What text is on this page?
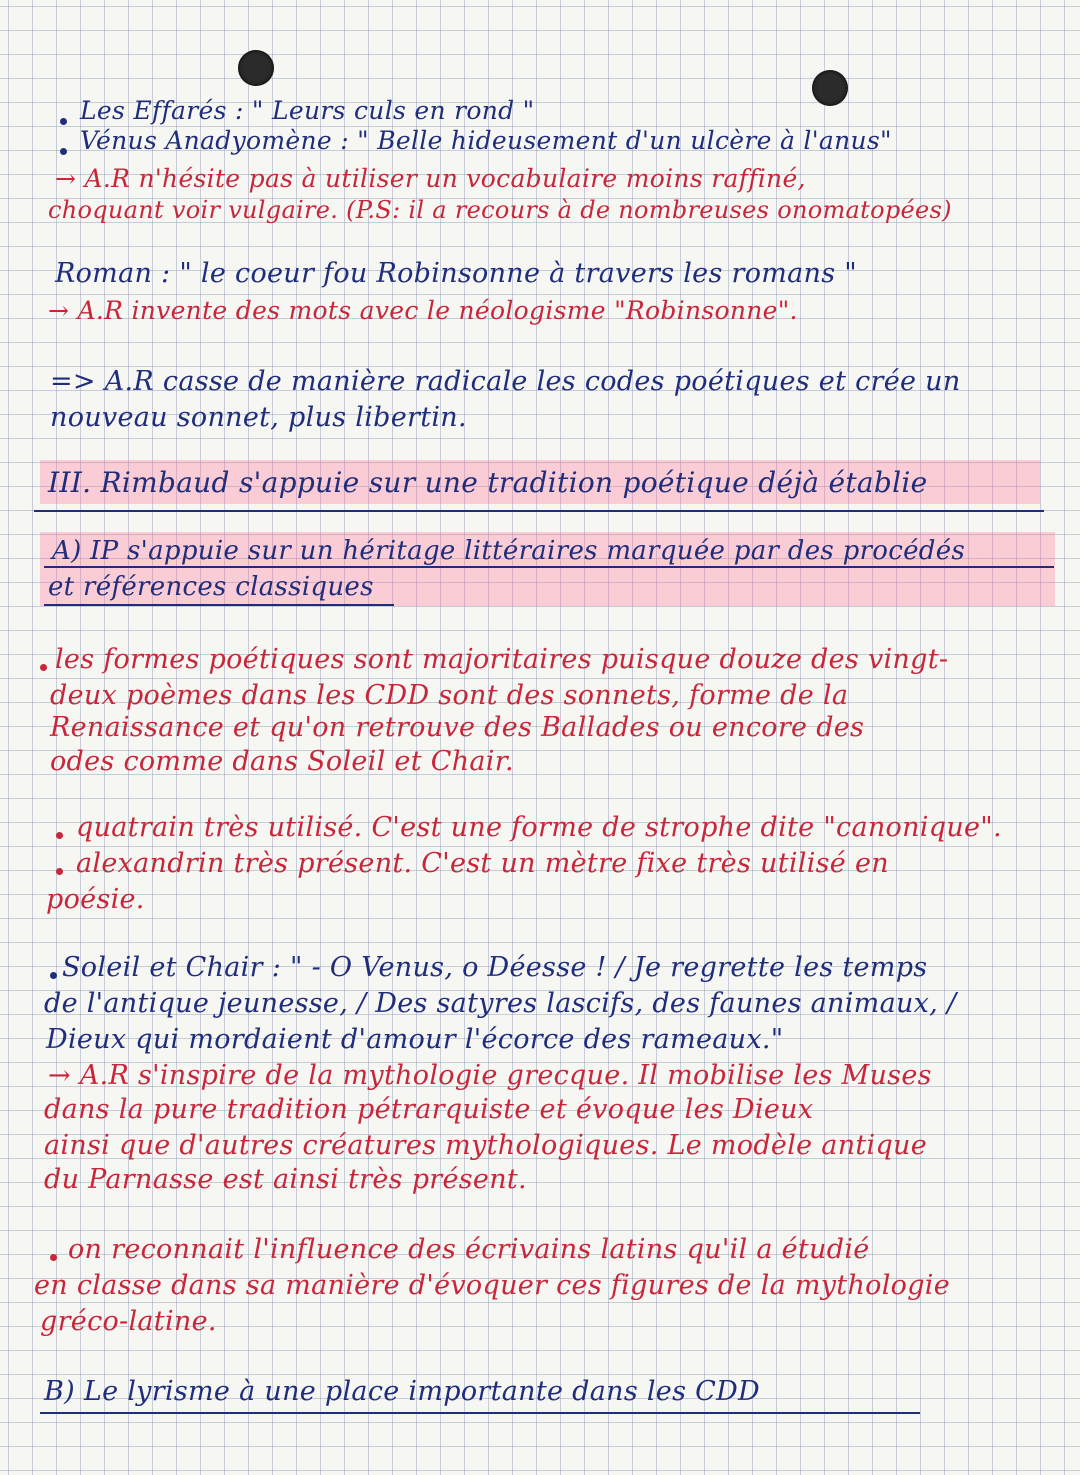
Les Effarés : " Leurs culs en rond "
Vénus Anadyomène : " Belle hideusement d'un ulcère à l'anus"
→ A.R n'hésite pas à utiliser un vocabulaire moins raffiné,
choquant voir vulgaire. (P.S: il a recours à de nombreuses onomatopées)
Roman : " le coeur fou Robinsonne à travers les romans "
→ A.R invente des mots avec le néologisme "Robinsonne".
=> A.R casse de manière radicale les codes poétiques et crée un
nouveau sonnet, plus libertin.
III. Rimbaud s'appuie sur une tradition poétique déjà établie
A) IP s'appuie sur un héritage littéraires marquée par des procédés
et références classiques
les formes poétiques sont majoritaires puisque douze des vingt-
deux poèmes dans les CDD sont des sonnets, forme de la
Renaissance et qu'on retrouve des Ballades ou encore des
odes comme dans Soleil et Chair.
quatrain très utilisé. C'est une forme de strophe dite "canonique".
alexandrin très présent. C'est un mètre fixe très utilisé en
poésie.
Soleil et Chair : " - O Venus, o Déesse ! / Je regrette les temps
de l'antique jeunesse, / Des satyres lascifs, des faunes animaux, /
Dieux qui mordaient d'amour l'écorce des rameaux."
→ A.R s'inspire de la mythologie grecque. Il mobilise les Muses
dans la pure tradition pétrarquiste et évoque les Dieux
ainsi que d'autres créatures mythologiques. Le modèle antique
du Parnasse est ainsi très présent.
on reconnait l'influence des écrivains latins qu'il a étudié
en classe dans sa manière d'évoquer ces figures de la mythologie
gréco-latine.
B) Le lyrisme à une place importante dans les CDD
